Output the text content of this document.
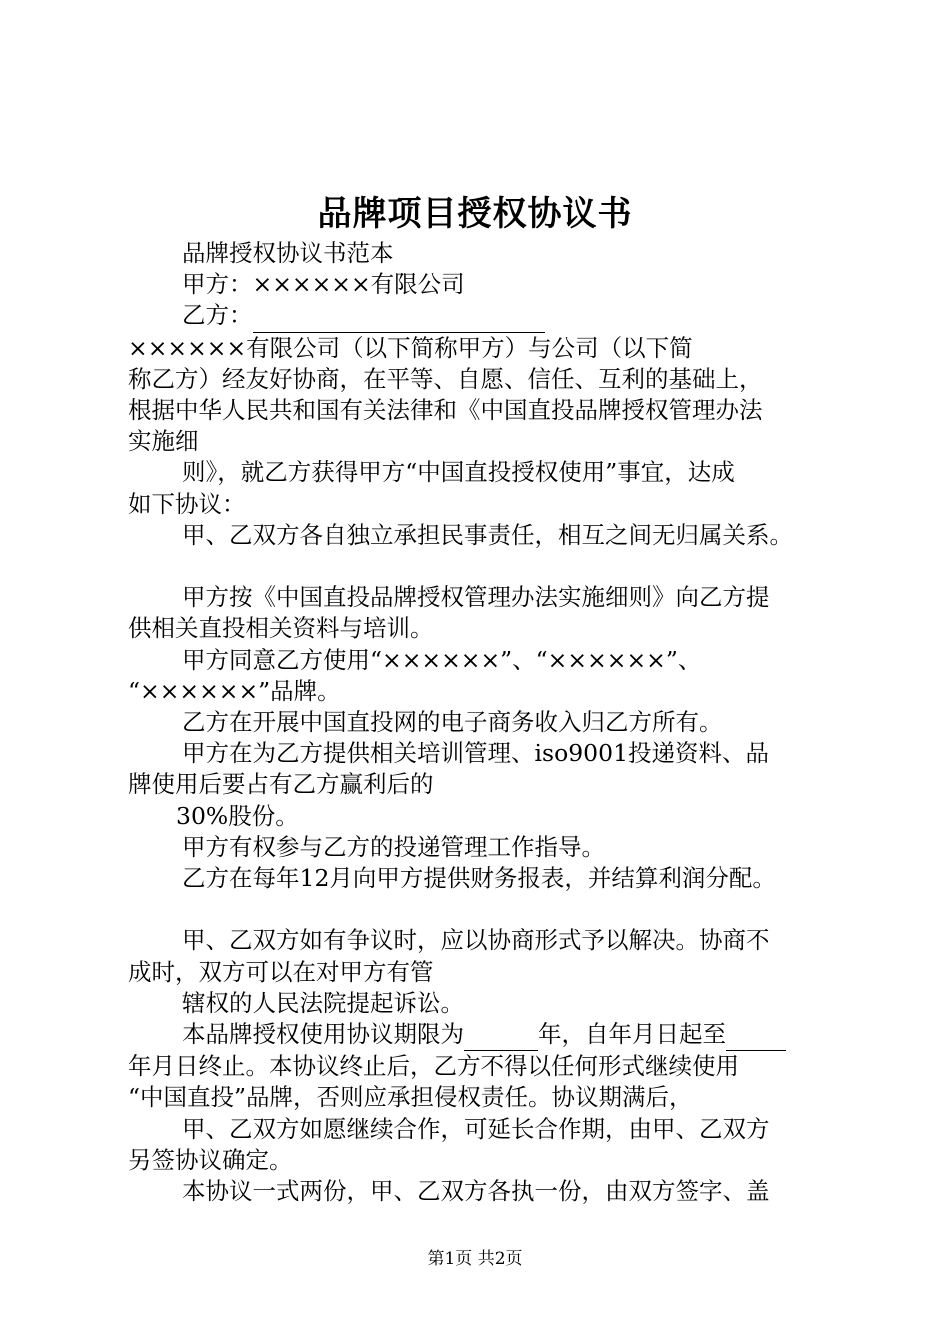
品牌项目授权协议书
品牌授权协议书范本
甲方：××××××有限公司
乙方：
××××××有限公司（以下简称甲方）与公司（以下简
称乙方）经友好协商，在平等、自愿、信任、互利的基础上，
根据中华人民共和国有关法律和《中国直投品牌授权管理办法
实施细
则》，就乙方获得甲方“中国直投授权使用”事宜，达成
如下协议：
甲、乙双方各自独立承担民事责任，相互之间无归属关系。
甲方按《中国直投品牌授权管理办法实施细则》向乙方提
供相关直投相关资料与培训。
甲方同意乙方使用“××××××”、“××××××”、
“××××××”品牌。
乙方在开展中国直投网的电子商务收入归乙方所有。
甲方在为乙方提供相关培训管理、iso9001投递资料、品
牌使用后要占有乙方赢利后的
30%股份。
甲方有权参与乙方的投递管理工作指导。
乙方在每年12月向甲方提供财务报表，并结算利润分配。
甲、乙双方如有争议时，应以协商形式予以解决。协商不
成时，双方可以在对甲方有管
辖权的人民法院提起诉讼。
本品牌授权使用协议期限为	年，自年月日起至
年月日终止。本协议终止后，乙方不得以任何形式继续使用
“中国直投”品牌，否则应承担侵权责任。协议期满后，
甲、乙双方如愿继续合作，可延长合作期，由甲、乙双方
另签协议确定。
本协议一式两份，甲、乙双方各执一份，由双方签字、盖
第1页 共2页
